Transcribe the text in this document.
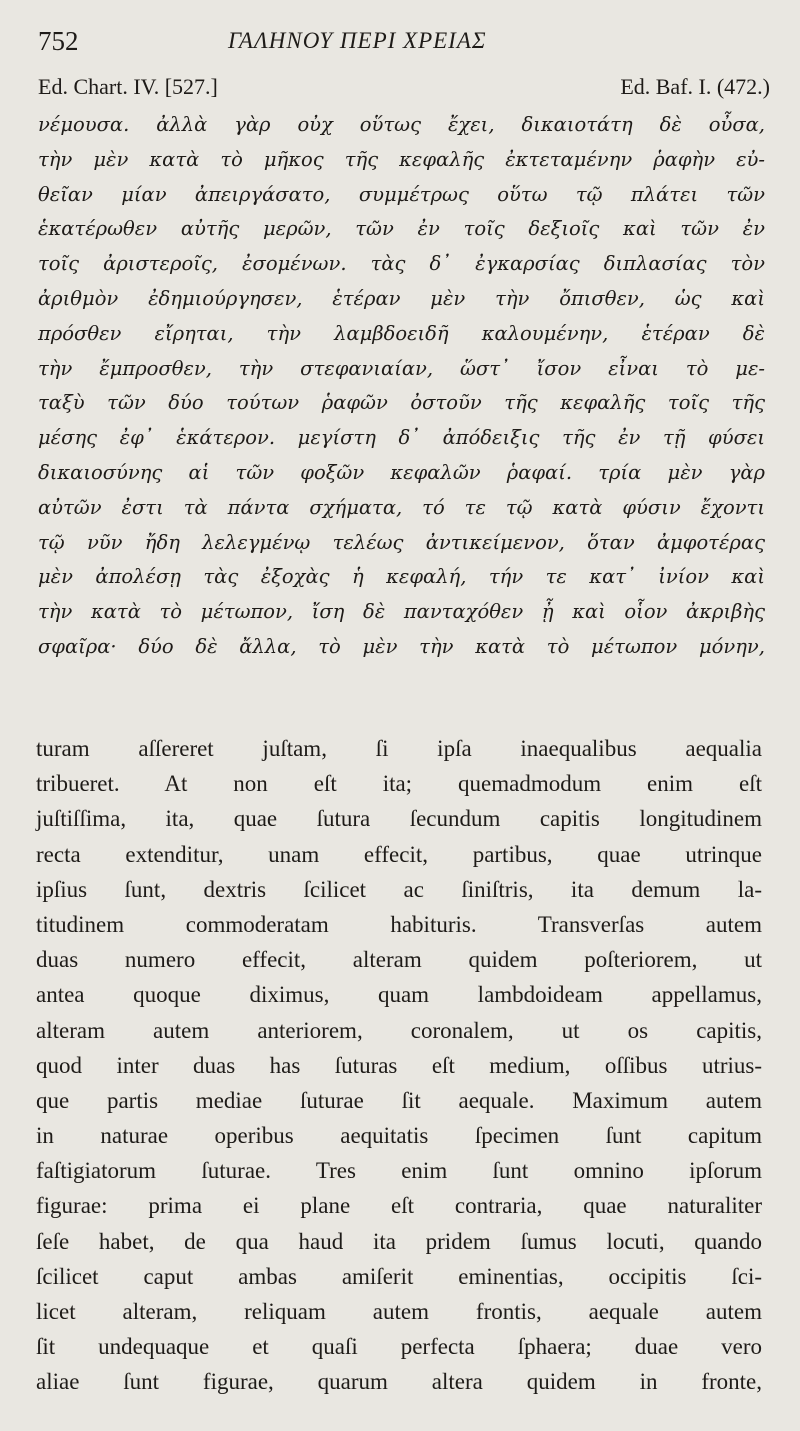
752	ΓΑΛΗΝΟΥ ΠΕΡΙ ΧΡΕΙΑΣ
Ed. Chart. IV. [527.]	Ed. Baf. I. (472.)
νέμουσα. ἀλλὰ γὰρ οὐχ οὕτως ἔχει, δικαιοτάτη δὲ οὖσα,
τὴν μὲν κατὰ τὸ μῆκος τῆς κεφαλῆς ἐκτεταμένην ῥαφὴν εὐ-
θεῖαν μίαν ἀπειργάσατο, συμμέτρως οὕτω τῷ πλάτει τῶν
ἑκατέρωθεν αὐτῆς μερῶν, τῶν ἐν τοῖς δεξιοῖς καὶ τῶν ἐν
τοῖς ἀριστεροῖς, ἐσομένων. τὰς δ᾽ ἐγκαρσίας διπλασίας τὸν
ἀριθμὸν ἐδημιούργησεν, ἑτέραν μὲν τὴν ὄπισθεν, ὡς καὶ
πρόσθεν εἴρηται, τὴν λαμβδοειδῆ καλουμένην, ἑτέραν δὲ
τὴν ἔμπροσθεν, τὴν στεφανιαίαν, ὥστ᾽ ἴσον εἶναι τὸ με-
ταξὺ τῶν δύο τούτων ῥαφῶν ὀστοῦν τῆς κεφαλῆς τοῖς τῆς
μέσης ἐφ᾽ ἑκάτερον. μεγίστη δ᾽ ἀπόδειξις τῆς ἐν τῇ φύσει
δικαιοσύνης αἱ τῶν φοξῶν κεφαλῶν ῥαφαί. τρία μὲν γὰρ
αὐτῶν ἐστι τὰ πάντα σχήματα, τό τε τῷ κατὰ φύσιν ἔχοντι
τῷ νῦν ἤδη λελεγμένῳ τελέως ἀντικείμενον, ὅταν ἀμφοτέρας
μὲν ἀπολέσῃ τὰς ἐξοχὰς ἡ κεφαλή, τήν τε κατ᾽ ἰνίον καὶ
τὴν κατὰ τὸ μέτωπον, ἴση δὲ πανταχόθεν ᾖ καὶ οἷον ἀκριβὴς
σφαῖρα· δύο δὲ ἄλλα, τὸ μὲν τὴν κατὰ τὸ μέτωπον μόνην,
turam aſſereret juſtam, ſi ipſa inaequalibus aequalia
tribueret. At non eſt ita; quemadmodum enim eſt
juſtiſſima, ita, quae ſutura ſecundum capitis longitudinem
recta extenditur, unam effecit, partibus, quae utrinque
ipſius ſunt, dextris ſcilicet ac ſiniſtris, ita demum la-
titudinem commoderatam habituris. Transverſas autem
duas numero effecit, alteram quidem poſteriorem, ut
antea quoque diximus, quam lambdoideam appellamus,
alteram autem anteriorem, coronalem, ut os capitis,
quod inter duas has ſuturas eſt medium, oſſibus utrius-
que partis mediae ſuturae ſit aequale. Maximum autem
in naturae operibus aequitatis ſpecimen ſunt capitum
faſtigiatorum ſuturae. Tres enim ſunt omnino ipſorum
figurae: prima ei plane eſt contraria, quae naturaliter
ſeſe habet, de qua haud ita pridem ſumus locuti, quando
ſcilicet caput ambas amiſerit eminentias, occipitis ſci-
licet alteram, reliquam autem frontis, aequale autem
ſit undequaque et quaſi perfecta ſphaera; duae vero
aliae ſunt figurae, quarum altera quidem in fronte,
